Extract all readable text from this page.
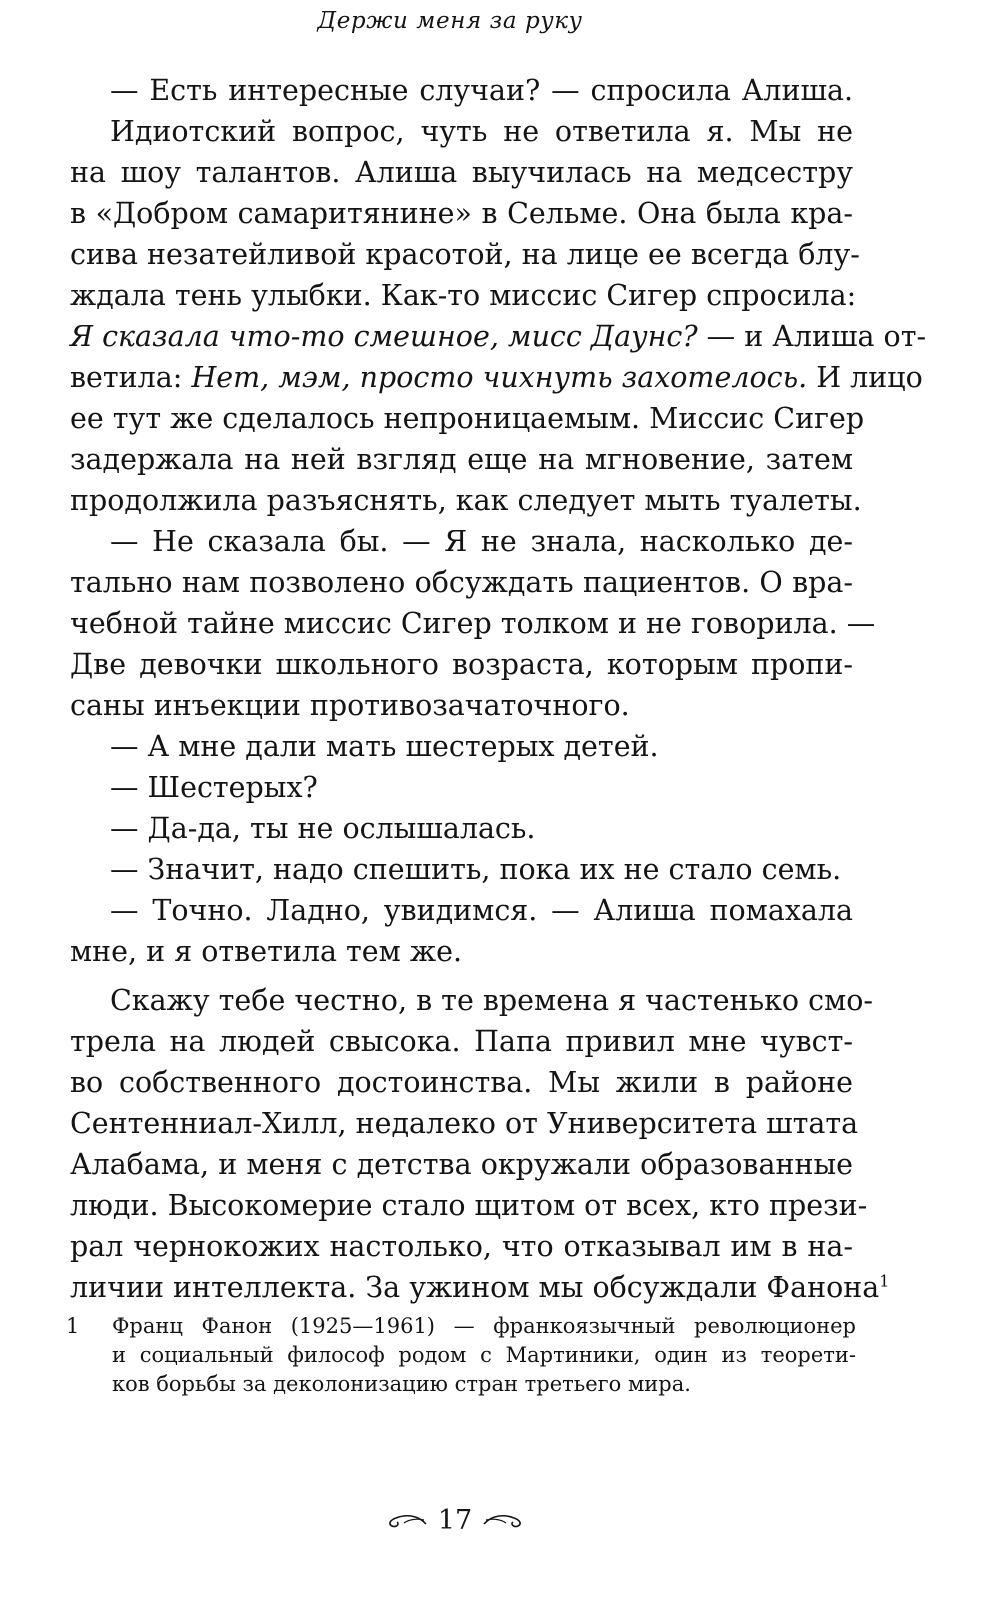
Держи меня за руку
— Есть интересные случаи? — спросила Алиша.
Идиотский вопрос, чуть не ответила я. Мы не
на шоу талантов. Алиша выучилась на медсестру
в «Добром самаритянине» в Сельме. Она была кра-
сива незатейливой красотой, на лице ее всегда блу-
ждала тень улыбки. Как-то миссис Сигер спросила:
Я сказала что-то смешное, мисс Даунс? — и Алиша от-
ветила: Нет, мэм, просто чихнуть захотелось. И лицо
ее тут же сделалось непроницаемым. Миссис Сигер
задержала на ней взгляд еще на мгновение, затем
продолжила разъяснять, как следует мыть туалеты.
— Не сказала бы. — Я не знала, насколько де-
тально нам позволено обсуждать пациентов. О вра-
чебной тайне миссис Сигер толком и не говорила. —
Две девочки школьного возраста, которым пропи-
саны инъекции противозачаточного.
— А мне дали мать шестерых детей.
— Шестерых?
— Да-да, ты не ослышалась.
— Значит, надо спешить, пока их не стало семь.
— Точно. Ладно, увидимся. — Алиша помахала
мне, и я ответила тем же.
Скажу тебе честно, в те времена я частенько смо-
трела на людей свысока. Папа привил мне чувст-
во собственного достоинства. Мы жили в районе
Сентенниал-Хилл, недалеко от Университета штата
Алабама, и меня с детства окружали образованные
люди. Высокомерие стало щитом от всех, кто прези-
рал чернокожих настолько, что отказывал им в на-
личии интеллекта. За ужином мы обсуждали Фанона$^1$
1 Франц Фанон (1925—1961) — франкоязычный революционер
и социальный философ родом с Мартиники, один из теорети-
ков борьбы за деколонизацию стран третьего мира.
17
